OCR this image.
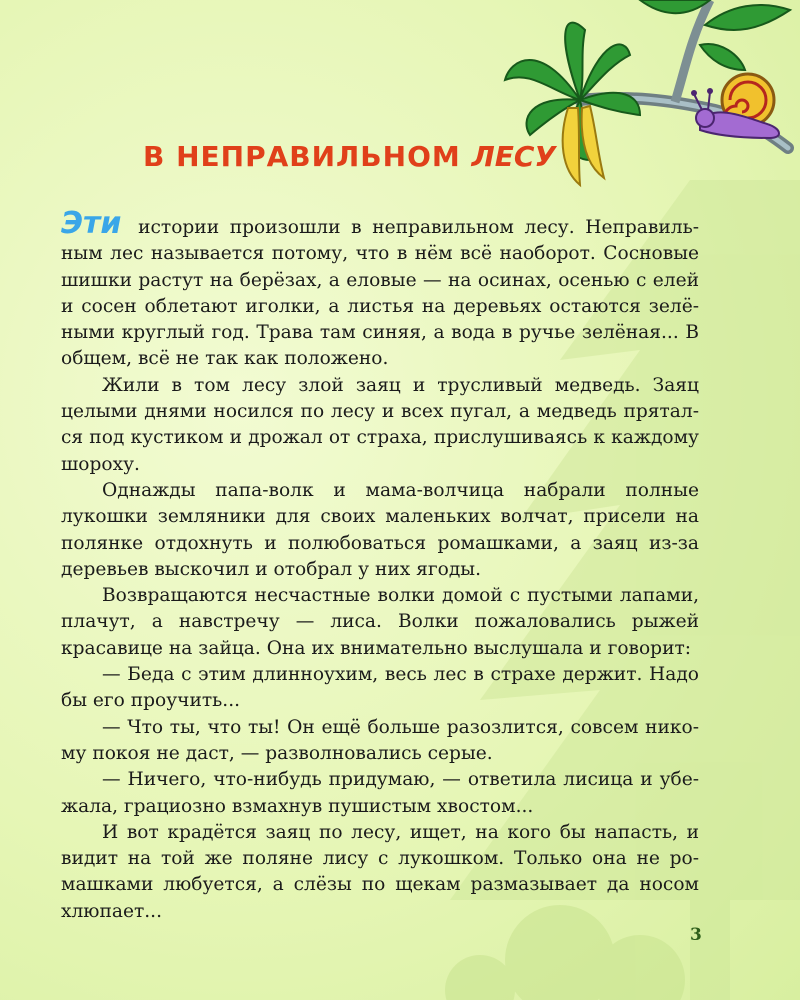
В НЕПРАВИЛЬНОМ ЛЕСУ

Эти истории произошли в неправильном лесу. Неправильным лес называется потому, что в нём всё наоборот. Сосновые шишки растут на берёзах, а еловые — на осинах, осенью с елей и сосен облетают иголки, а листья на деревьях остаются зелёными круглый год. Трава там синяя, а вода в ручье зелёная... В общем, всё не так как положено.

Жили в том лесу злой заяц и трусливый медведь. Заяц целыми днями носился по лесу и всех пугал, а медведь прятался под кустиком и дрожал от страха, прислушиваясь к каждому шороху.

Однажды папа-волк и мама-волчица набрали полные лукошки земляники для своих маленьких волчат, присели на полянке отдохнуть и полюбоваться ромашками, а заяц из-за деревьев выскочил и отобрал у них ягоды.

Возвращаются несчастные волки домой с пустыми лапами, плачут, а навстречу — лиса. Волки пожаловались рыжей красавице на зайца. Она их внимательно выслушала и говорит:

— Беда с этим длинноухим, весь лес в страхе держит. Надо бы его проучить...

— Что ты, что ты! Он ещё больше разозлится, совсем никому покоя не даст, — разволновались серые.

— Ничего, что-нибудь придумаю, — ответила лисица и убежала, грациозно взмахнув пушистым хвостом...

И вот крадётся заяц по лесу, ищет, на кого бы напасть, и видит на той же поляне лису с лукошком. Только она не ромашками любуется, а слёзы по щекам размазывает да носом хлюпает...

3
